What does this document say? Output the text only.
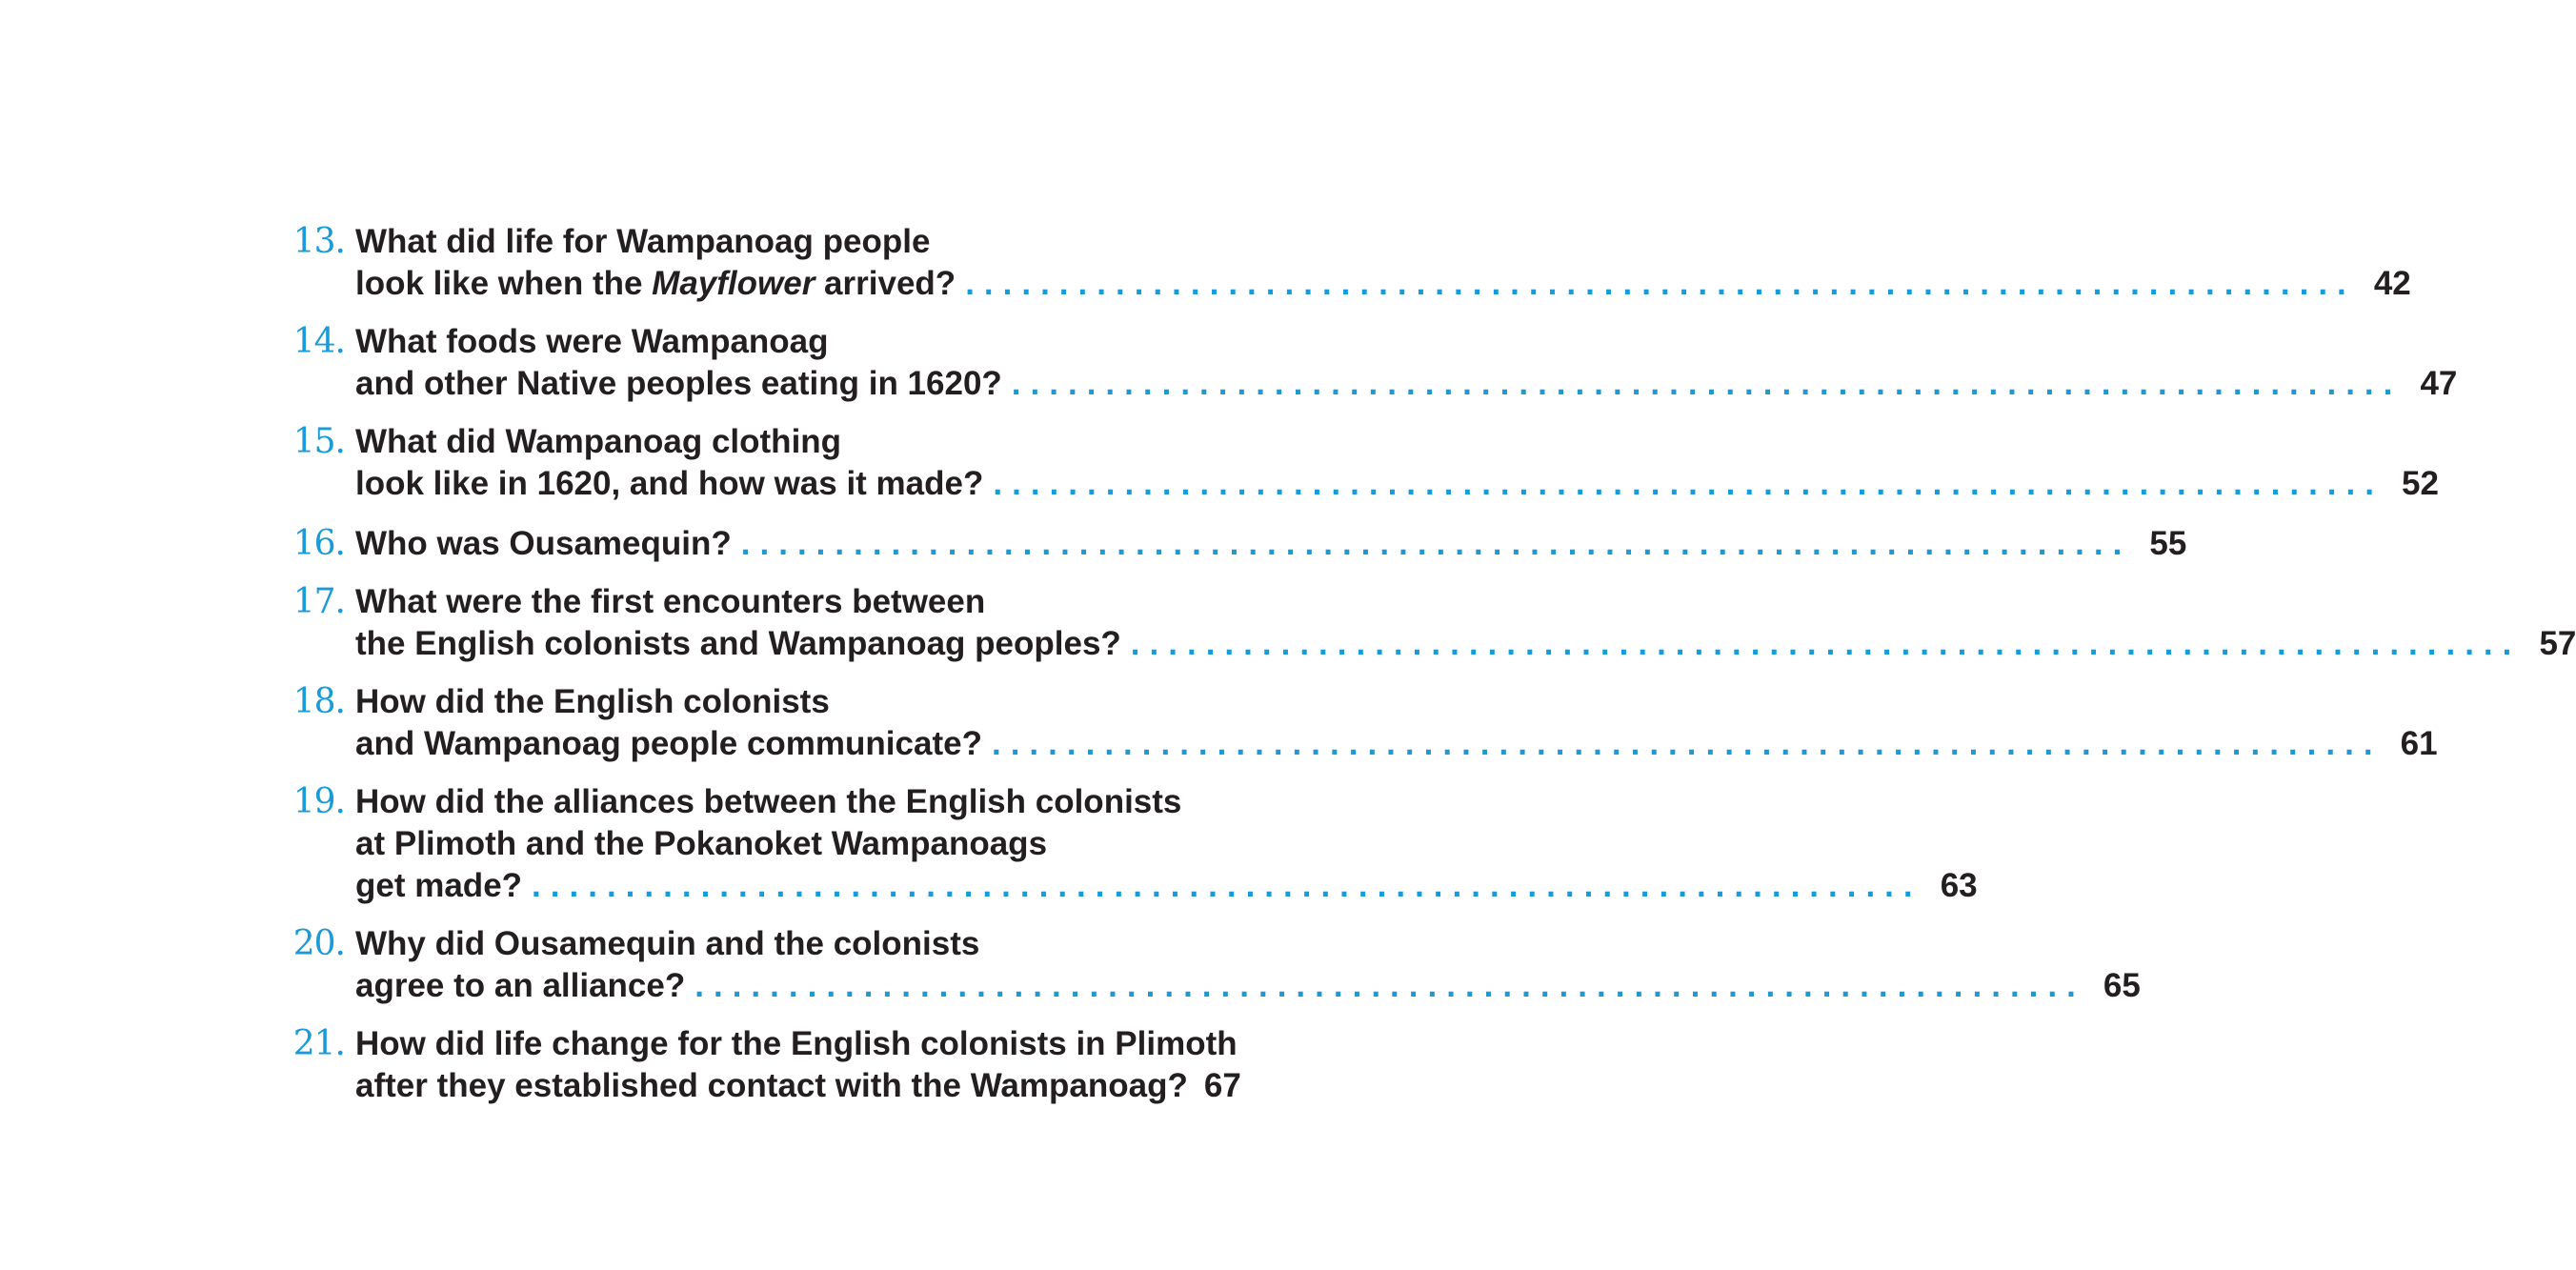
13. What did life for Wampanoag people
look like when the Mayflower arrived? .......................................................................... 42
14. What foods were Wampanoag
and other Native peoples eating in 1620? .......................................................................... 47
15. What did Wampanoag clothing
look like in 1620, and how was it made? .......................................................................... 52
16. Who was Ousamequin? .......................................................................... 55
17. What were the first encounters between
the English colonists and Wampanoag peoples? .......................................................................... 57
18. How did the English colonists
and Wampanoag people communicate? .......................................................................... 61
19. How did the alliances between the English colonists
at Plimoth and the Pokanoket Wampanoags
get made? .......................................................................... 63
20. Why did Ousamequin and the colonists
agree to an alliance? .......................................................................... 65
21. How did life change for the English colonists in Plimoth
after they established contact with the Wampanoag? 67
